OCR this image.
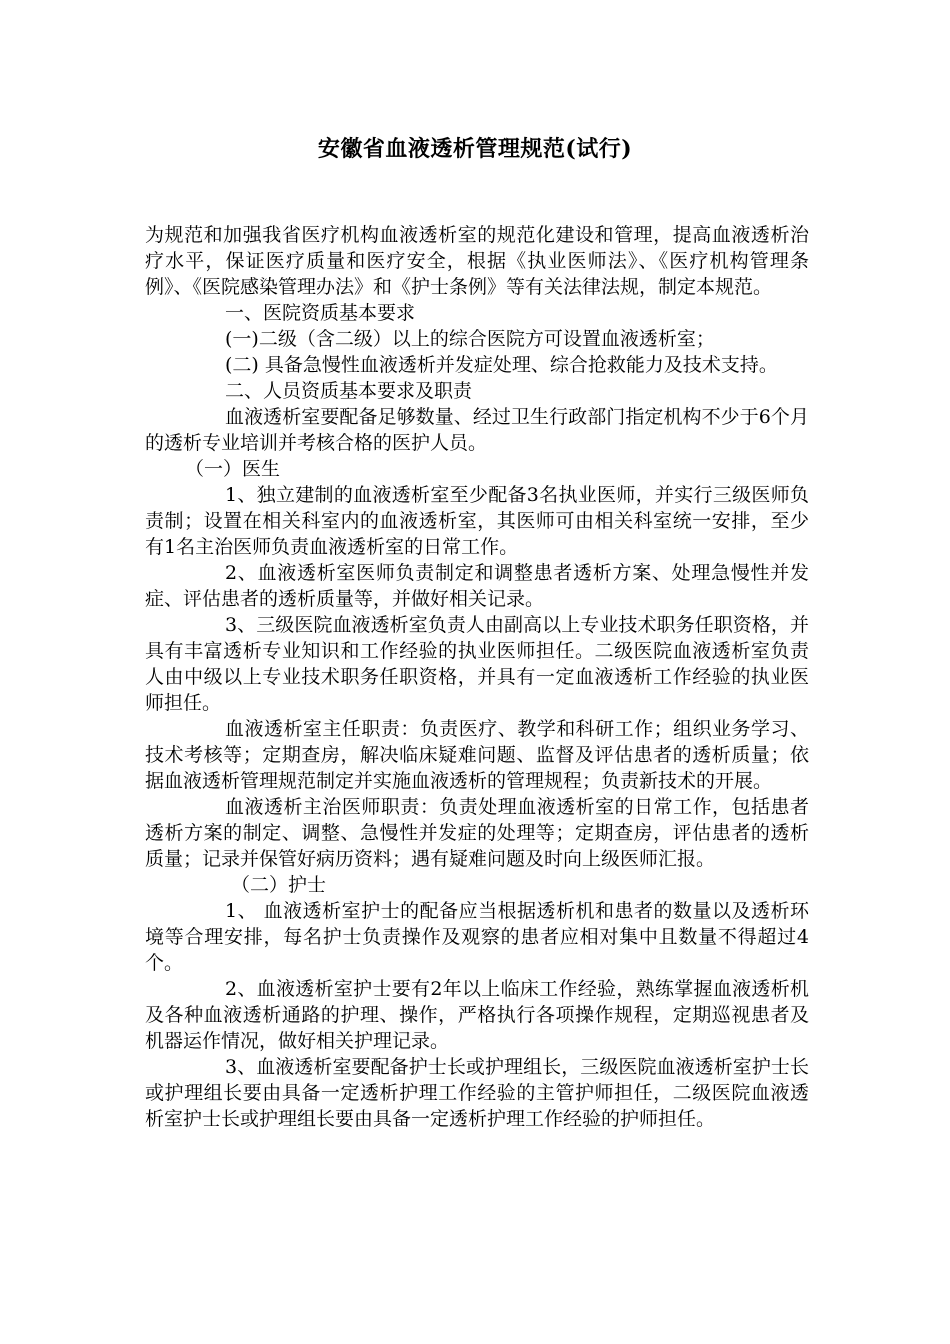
安徽省血液透析管理规范(试行)

为规范和加强我省医疗机构血液透析室的规范化建设和管理，提高血液透析治疗水平，保证医疗质量和医疗安全，根据《执业医师法》、《医疗机构管理条例》、《医院感染管理办法》和《护士条例》等有关法律法规，制定本规范。

一、医院资质基本要求

(一)二级（含二级）以上的综合医院方可设置血液透析室；

(二) 具备急慢性血液透析并发症处理、综合抢救能力及技术支持。

二、人员资质基本要求及职责

血液透析室要配备足够数量、经过卫生行政部门指定机构不少于6个月的透析专业培训并考核合格的医护人员。

（一）医生

1、独立建制的血液透析室至少配备3名执业医师，并实行三级医师负责制；设置在相关科室内的血液透析室，其医师可由相关科室统一安排，至少有1名主治医师负责血液透析室的日常工作。

2、血液透析室医师负责制定和调整患者透析方案、处理急慢性并发症、评估患者的透析质量等，并做好相关记录。

3、三级医院血液透析室负责人由副高以上专业技术职务任职资格，并具有丰富透析专业知识和工作经验的执业医师担任。二级医院血液透析室负责人由中级以上专业技术职务任职资格，并具有一定血液透析工作经验的执业医师担任。

血液透析室主任职责：负责医疗、教学和科研工作；组织业务学习、技术考核等；定期查房，解决临床疑难问题、监督及评估患者的透析质量；依据血液透析管理规范制定并实施血液透析的管理规程；负责新技术的开展。

血液透析主治医师职责：负责处理血液透析室的日常工作，包括患者透析方案的制定、调整、急慢性并发症的处理等；定期查房，评估患者的透析质量；记录并保管好病历资料；遇有疑难问题及时向上级医师汇报。

（二）护士

1、 血液透析室护士的配备应当根据透析机和患者的数量以及透析环境等合理安排，每名护士负责操作及观察的患者应相对集中且数量不得超过4个。

2、血液透析室护士要有2年以上临床工作经验，熟练掌握血液透析机及各种血液透析通路的护理、操作，严格执行各项操作规程，定期巡视患者及机器运作情况，做好相关护理记录。

3、血液透析室要配备护士长或护理组长，三级医院血液透析室护士长或护理组长要由具备一定透析护理工作经验的主管护师担任，二级医院血液透析室护士长或护理组长要由具备一定透析护理工作经验的护师担任。
